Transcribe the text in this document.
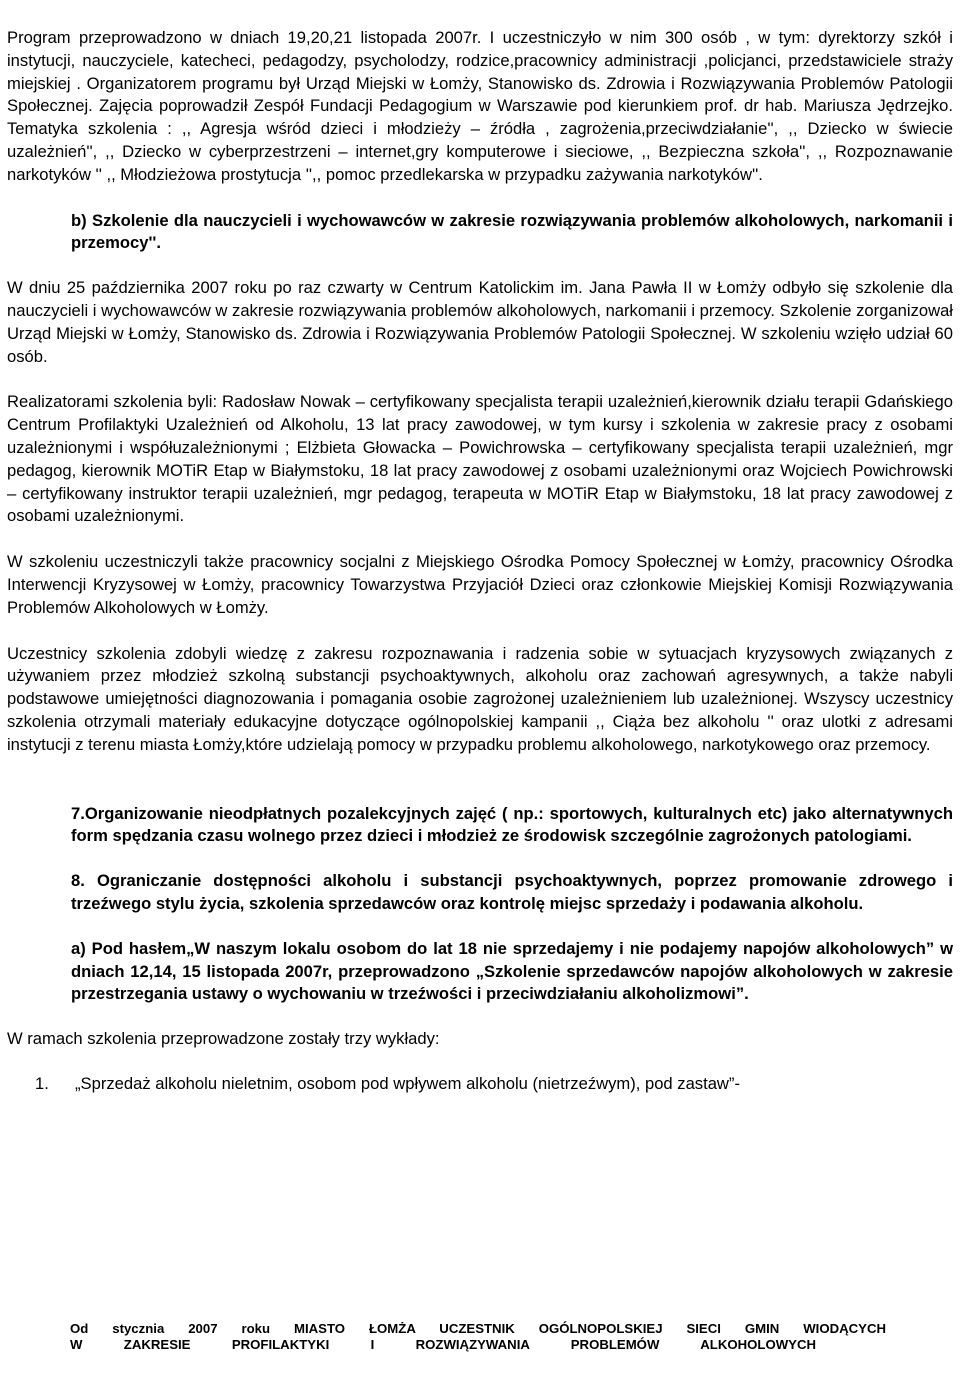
Program przeprowadzono w dniach 19,20,21 listopada 2007r. I uczestniczyło w nim 300 osób , w tym: dyrektorzy szkół i instytucji, nauczyciele, katecheci, pedagodzy, psycholodzy, rodzice,pracownicy administracji ,policjanci, przedstawiciele straży miejskiej . Organizatorem programu był Urząd Miejski w Łomży, Stanowisko ds. Zdrowia i Rozwiązywania Problemów Patologii Społecznej. Zajęcia poprowadził Zespół Fundacji Pedagogium w Warszawie pod kierunkiem prof. dr hab. Mariusza Jędrzejko. Tematyka szkolenia : ,, Agresja wśród dzieci i młodzieży – źródła , zagrożenia,przeciwdziałanie'', ,, Dziecko w świecie uzależnień'', ,, Dziecko w cyberprzestrzeni – internet,gry komputerowe i sieciowe, ,, Bezpieczna szkoła'', ,, Rozpoznawanie narkotyków '' ,, Młodzieżowa prostytucja '',, pomoc przedlekarska w przypadku zażywania narkotyków''.

b) Szkolenie dla nauczycieli i wychowawców w zakresie rozwiązywania problemów alkoholowych, narkomanii i przemocy''.

W dniu 25 października 2007 roku po raz czwarty w Centrum Katolickim im. Jana Pawła II w Łomży odbyło się szkolenie dla nauczycieli i wychowawców w zakresie rozwiązywania problemów alkoholowych, narkomanii i przemocy. Szkolenie zorganizował Urząd Miejski w Łomży, Stanowisko ds. Zdrowia i Rozwiązywania Problemów Patologii Społecznej. W szkoleniu wzięło udział 60 osób.

Realizatorami szkolenia byli: Radosław Nowak – certyfikowany specjalista terapii uzależnień,kierownik działu terapii Gdańskiego Centrum Profilaktyki Uzależnień od Alkoholu, 13 lat pracy zawodowej, w tym kursy i szkolenia w zakresie pracy z osobami uzależnionymi i współuzależnionymi ; Elżbieta Głowacka – Powichrowska – certyfikowany specjalista terapii uzależnień, mgr pedagog, kierownik MOTiR Etap w Białymstoku, 18 lat pracy zawodowej z osobami uzależnionymi oraz Wojciech Powichrowski – certyfikowany instruktor terapii uzależnień, mgr pedagog, terapeuta w MOTiR Etap w Białymstoku, 18 lat pracy zawodowej z osobami uzależnionymi.

W szkoleniu uczestniczyli także pracownicy socjalni z Miejskiego Ośrodka Pomocy Społecznej w Łomży, pracownicy Ośrodka Interwencji Kryzysowej w Łomży, pracownicy Towarzystwa Przyjaciół Dzieci oraz członkowie Miejskiej Komisji Rozwiązywania Problemów Alkoholowych w Łomży.

Uczestnicy szkolenia zdobyli wiedzę z zakresu rozpoznawania i radzenia sobie w sytuacjach kryzysowych związanych z używaniem przez młodzież szkolną substancji psychoaktywnych, alkoholu oraz zachowań agresywnych, a także nabyli podstawowe umiejętności diagnozowania i pomagania osobie zagrożonej uzależnieniem lub uzależnionej. Wszyscy uczestnicy szkolenia otrzymali materiały edukacyjne dotyczące ogólnopolskiej kampanii ,, Ciąża bez alkoholu '' oraz ulotki z adresami instytucji z terenu miasta Łomży,które udzielają pomocy w przypadku problemu alkoholowego, narkotykowego oraz przemocy.

7.Organizowanie nieodpłatnych pozalekcyjnych zajęć ( np.: sportowych, kulturalnych etc) jako alternatywnych form spędzania czasu wolnego przez dzieci i młodzież ze środowisk szczególnie zagrożonych patologiami.

8. Ograniczanie dostępności alkoholu i substancji psychoaktywnych, poprzez promowanie zdrowego i trzeźwego stylu życia, szkolenia sprzedawców oraz kontrolę miejsc sprzedaży i podawania alkoholu.

a) Pod hasłem„W naszym lokalu osobom do lat 18 nie sprzedajemy i nie podajemy napojów alkoholowych” w dniach 12,14, 15 listopada 2007r, przeprowadzono „Szkolenie sprzedawców napojów alkoholowych w zakresie przestrzegania ustawy o wychowaniu w trzeźwości i przeciwdziałaniu alkoholizmowi”.

W ramach szkolenia przeprowadzone zostały trzy wykłady:

1.	„Sprzedaż alkoholu nieletnim, osobom pod wpływem alkoholu (nietrzeźwym), pod zastaw”-
Od stycznia 2007 roku MIASTO ŁOMŻA UCZESTNIK OGÓLNOPOLSKIEJ SIECI GMIN WIODĄCYCH
W ZAKRESIE PROFILAKTYKI I ROZWIĄZYWANIA PROBLEMÓW ALKOHOLOWYCH
